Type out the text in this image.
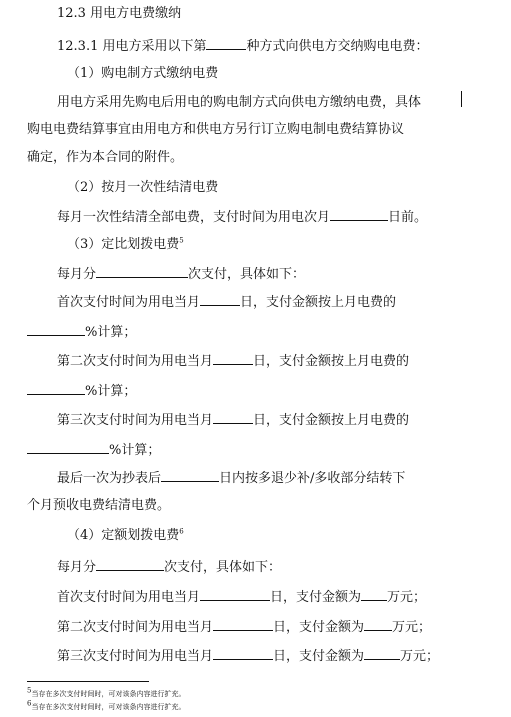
12.3 用电方电费缴纳
12.3.1 用电方采用以下第	种方式向供电方交纳购电电费：
（1）购电制方式缴纳电费
用电方采用先购电后用电的购电制方式向供电方缴纳电费，具体
购电电费结算事宜由用电方和供电方另行订立购电制电费结算协议
确定，作为本合同的附件。
（2）按月一次性结清电费
每月一次性结清全部电费，支付时间为用电次月	日前。
（3）定比划拨电费$^5$
每月分	次支付，具体如下：
首次支付时间为用电当月	日，支付金额按上月电费的
%计算；
第二次支付时间为用电当月	日，支付金额按上月电费的
%计算；
第三次支付时间为用电当月	日，支付金额按上月电费的
%计算；
最后一次为抄表后	日内按多退少补/多收部分结转下
个月预收电费结清电费。
（4）定额划拨电费$^6$
每月分	次支付，具体如下：
首次支付时间为用电当月	日，支付金额为 万元；
第二次支付时间为用电当月	日，支付金额为 万元；
第三次支付时间为用电当月	日，支付金额为	万元；
$^5$当存在多次支付时间时，可对该条内容进行扩充。
$^6$当存在多次支付时间时，可对该条内容进行扩充。
